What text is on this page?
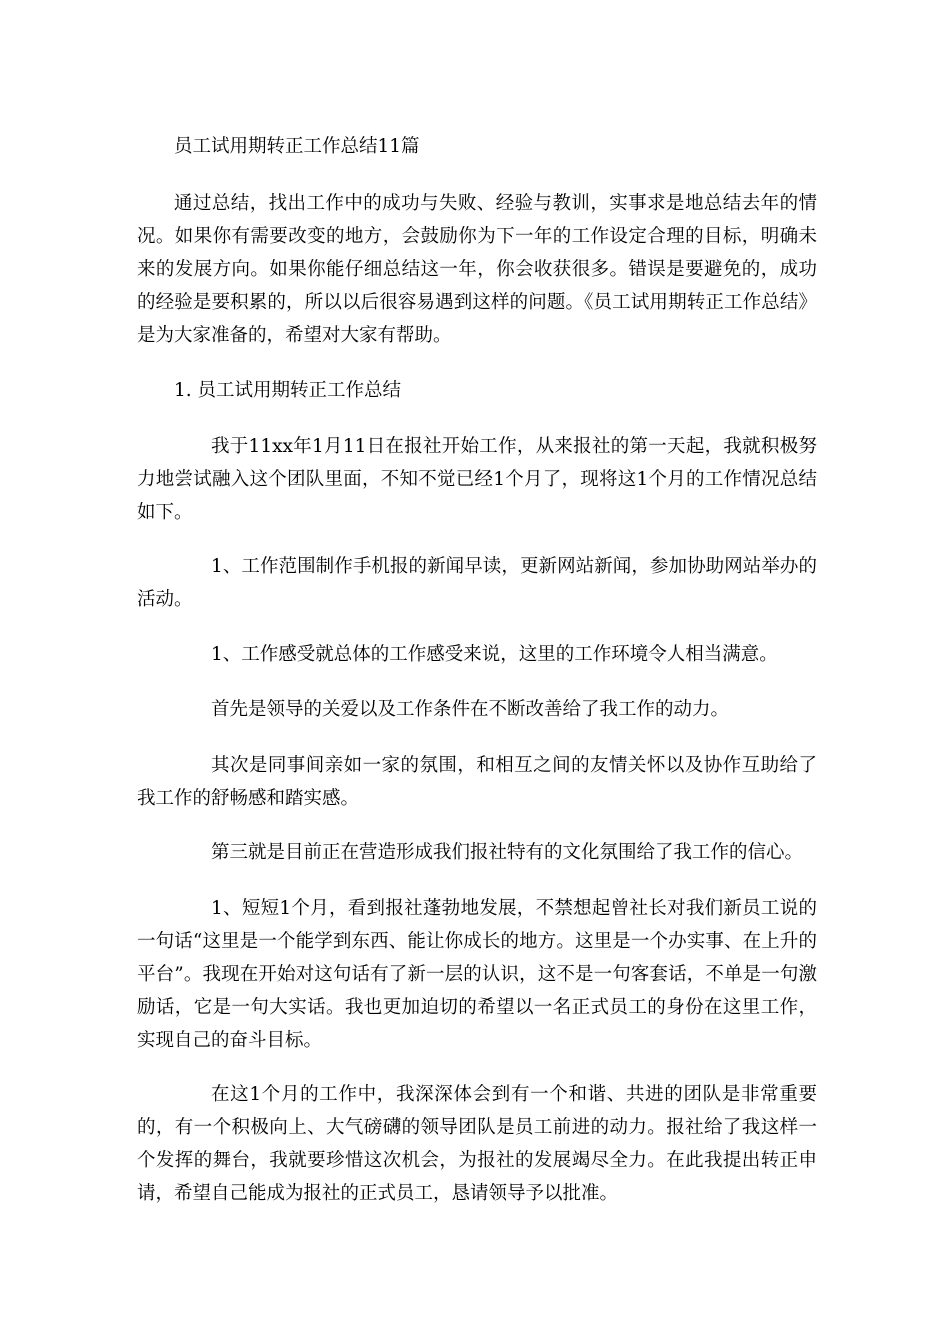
员工试用期转正工作总结11篇

通过总结，找出工作中的成功与失败、经验与教训，实事求是地总结去年的情况。如果你有需要改变的地方，会鼓励你为下一年的工作设定合理的目标，明确未来的发展方向。如果你能仔细总结这一年，你会收获很多。错误是要避免的，成功的经验是要积累的，所以以后很容易遇到这样的问题。《员工试用期转正工作总结》是为大家准备的，希望对大家有帮助。

1. 员工试用期转正工作总结

我于11xx年1月11日在报社开始工作，从来报社的第一天起，我就积极努力地尝试融入这个团队里面，不知不觉已经1个月了，现将这1个月的工作情况总结如下。

1、工作范围制作手机报的新闻早读，更新网站新闻，参加协助网站举办的活动。

1、工作感受就总体的工作感受来说，这里的工作环境令人相当满意。

首先是领导的关爱以及工作条件在不断改善给了我工作的动力。

其次是同事间亲如一家的氛围，和相互之间的友情关怀以及协作互助给了我工作的舒畅感和踏实感。

第三就是目前正在营造形成我们报社特有的文化氛围给了我工作的信心。

1、短短1个月，看到报社蓬勃地发展，不禁想起曾社长对我们新员工说的一句话“这里是一个能学到东西、能让你成长的地方。这里是一个办实事、在上升的平台”。我现在开始对这句话有了新一层的认识，这不是一句客套话，不单是一句激励话，它是一句大实话。我也更加迫切的希望以一名正式员工的身份在这里工作，实现自己的奋斗目标。

在这1个月的工作中，我深深体会到有一个和谐、共进的团队是非常重要的，有一个积极向上、大气磅礴的领导团队是员工前进的动力。报社给了我这样一个发挥的舞台，我就要珍惜这次机会，为报社的发展竭尽全力。在此我提出转正申请，希望自己能成为报社的正式员工，恳请领导予以批准。
